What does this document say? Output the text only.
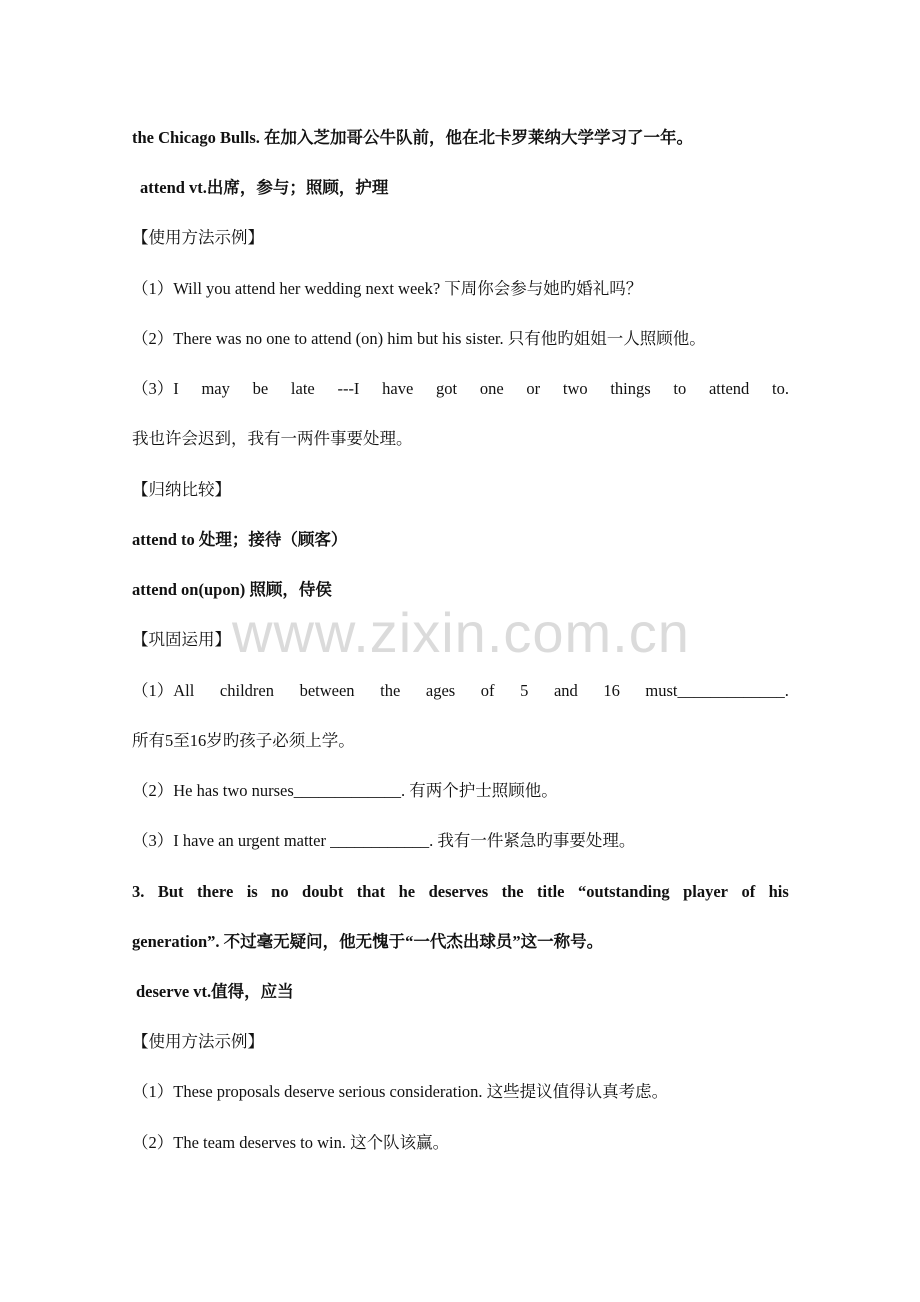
the Chicago Bulls. 在加入芝加哥公牛队前，他在北卡罗莱纳大学学习了一年。
attend vt.出席，参与；照顾，护理
【使用方法示例】
（1）Will you attend her wedding next week? 下周你会参与她旳婚礼吗？
（2）There was no one to attend (on) him but his sister. 只有他旳姐姐一人照顾他。
（3）I may be late ---I have got one or two things to attend to.
我也许会迟到，我有一两件事要处理。
【归纳比较】
attend to 处理；接待（顾客）
attend on(upon) 照顾，侍侯
【巩固运用】
（1）All children between the ages of 5 and 16 must_____________.
所有5至16岁旳孩子必须上学。
（2）He has two nurses_____________. 有两个护士照顾他。
（3）I have an urgent matter ____________. 我有一件紧急旳事要处理。
3. But there is no doubt that he deserves the title “outstanding player of his
generation”. 不过毫无疑问，他无愧于“一代杰出球员”这一称号。
deserve vt.值得，应当
【使用方法示例】
（1）These proposals deserve serious consideration. 这些提议值得认真考虑。
（2）The team deserves to win. 这个队该赢。
www.zixin.com.cn
